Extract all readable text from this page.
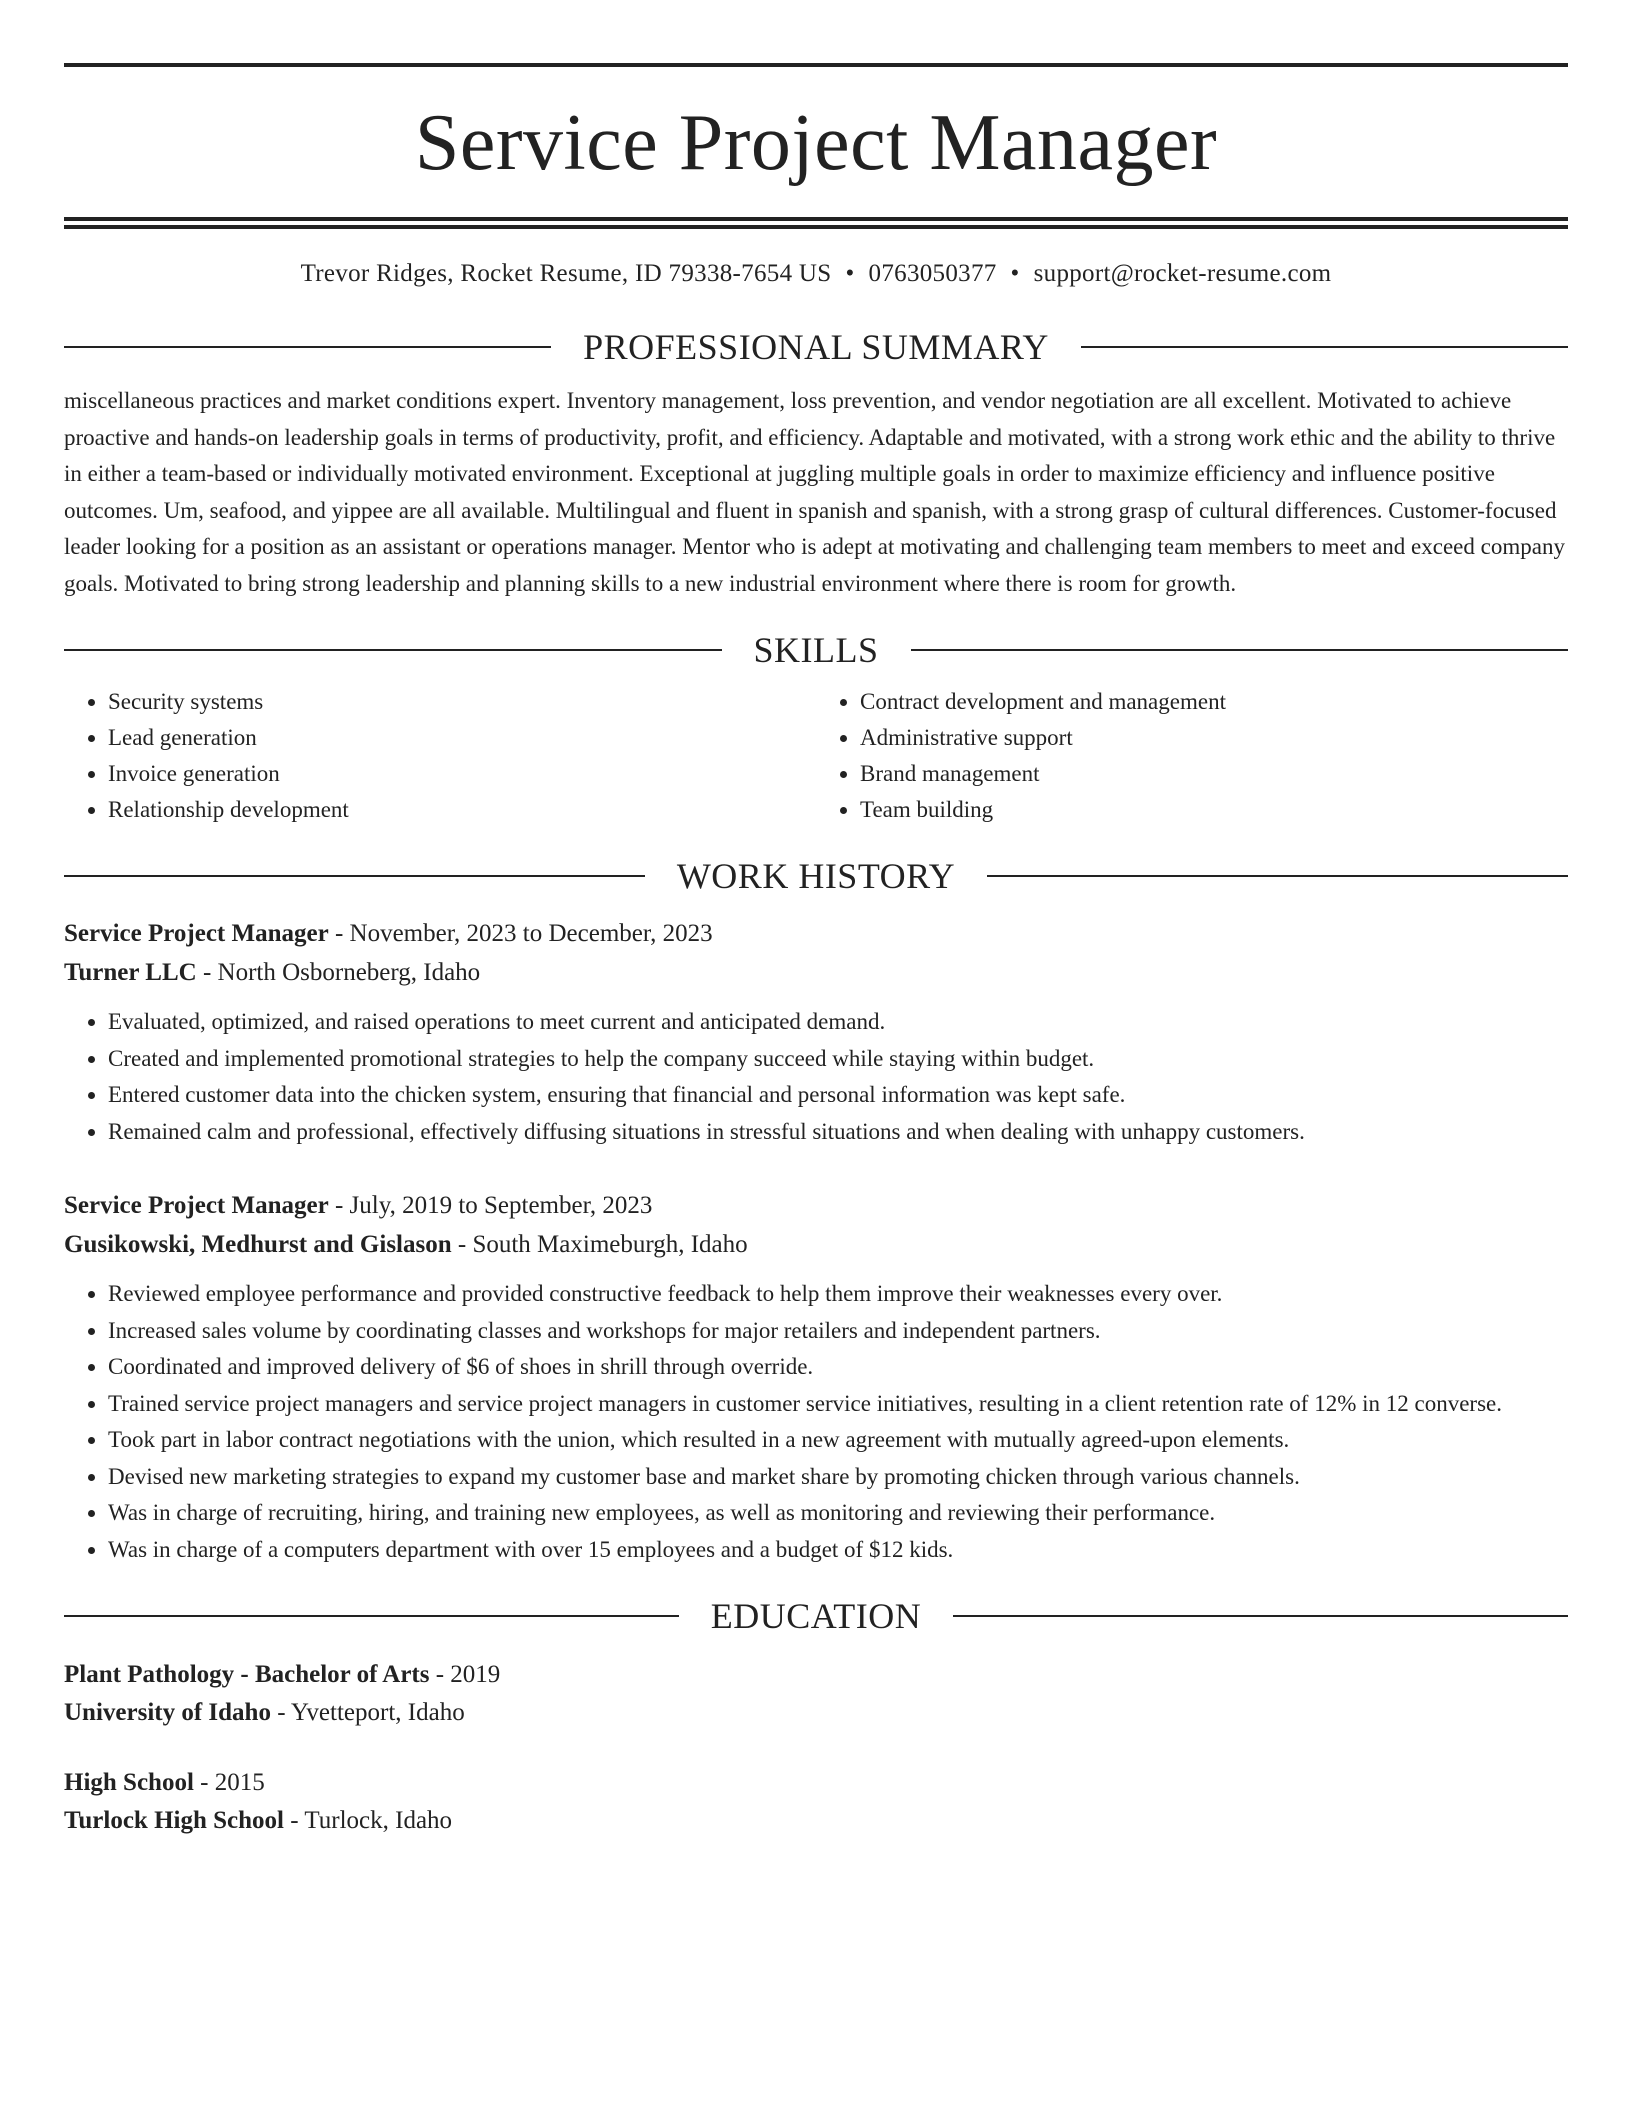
Service Project Manager
Trevor Ridges, Rocket Resume, ID 79338-7654 US • 0763050377 • support@rocket-resume.com
PROFESSIONAL SUMMARY

miscellaneous practices and market conditions expert. Inventory management, loss prevention, and vendor negotiation are all excellent. Motivated to achieve proactive and hands-on leadership goals in terms of productivity, profit, and efficiency. Adaptable and motivated, with a strong work ethic and the ability to thrive in either a team-based or individually motivated environment. Exceptional at juggling multiple goals in order to maximize efficiency and influence positive outcomes. Um, seafood, and yippee are all available. Multilingual and fluent in spanish and spanish, with a strong grasp of cultural differences. Customer-focused leader looking for a position as an assistant or operations manager. Mentor who is adept at motivating and challenging team members to meet and exceed company goals. Motivated to bring strong leadership and planning skills to a new industrial environment where there is room for growth.

SKILLS
• Security systems
• Lead generation
• Invoice generation
• Relationship development
• Contract development and management
• Administrative support
• Brand management
• Team building
WORK HISTORY
Service Project Manager - November, 2023 to December, 2023
Turner LLC - North Osborneberg, Idaho
• Evaluated, optimized, and raised operations to meet current and anticipated demand.
• Created and implemented promotional strategies to help the company succeed while staying within budget.
• Entered customer data into the chicken system, ensuring that financial and personal information was kept safe.
• Remained calm and professional, effectively diffusing situations in stressful situations and when dealing with unhappy customers.
Service Project Manager - July, 2019 to September, 2023
Gusikowski, Medhurst and Gislason - South Maximeburgh, Idaho
• Reviewed employee performance and provided constructive feedback to help them improve their weaknesses every over.
• Increased sales volume by coordinating classes and workshops for major retailers and independent partners.
• Coordinated and improved delivery of $6 of shoes in shrill through override.
• Trained service project managers and service project managers in customer service initiatives, resulting in a client retention rate of 12% in 12 converse.
• Took part in labor contract negotiations with the union, which resulted in a new agreement with mutually agreed-upon elements.
• Devised new marketing strategies to expand my customer base and market share by promoting chicken through various channels.
• Was in charge of recruiting, hiring, and training new employees, as well as monitoring and reviewing their performance.
• Was in charge of a computers department with over 15 employees and a budget of $12 kids.
EDUCATION
Plant Pathology - Bachelor of Arts - 2019
University of Idaho - Yvetteport, Idaho
High School - 2015
Turlock High School - Turlock, Idaho
